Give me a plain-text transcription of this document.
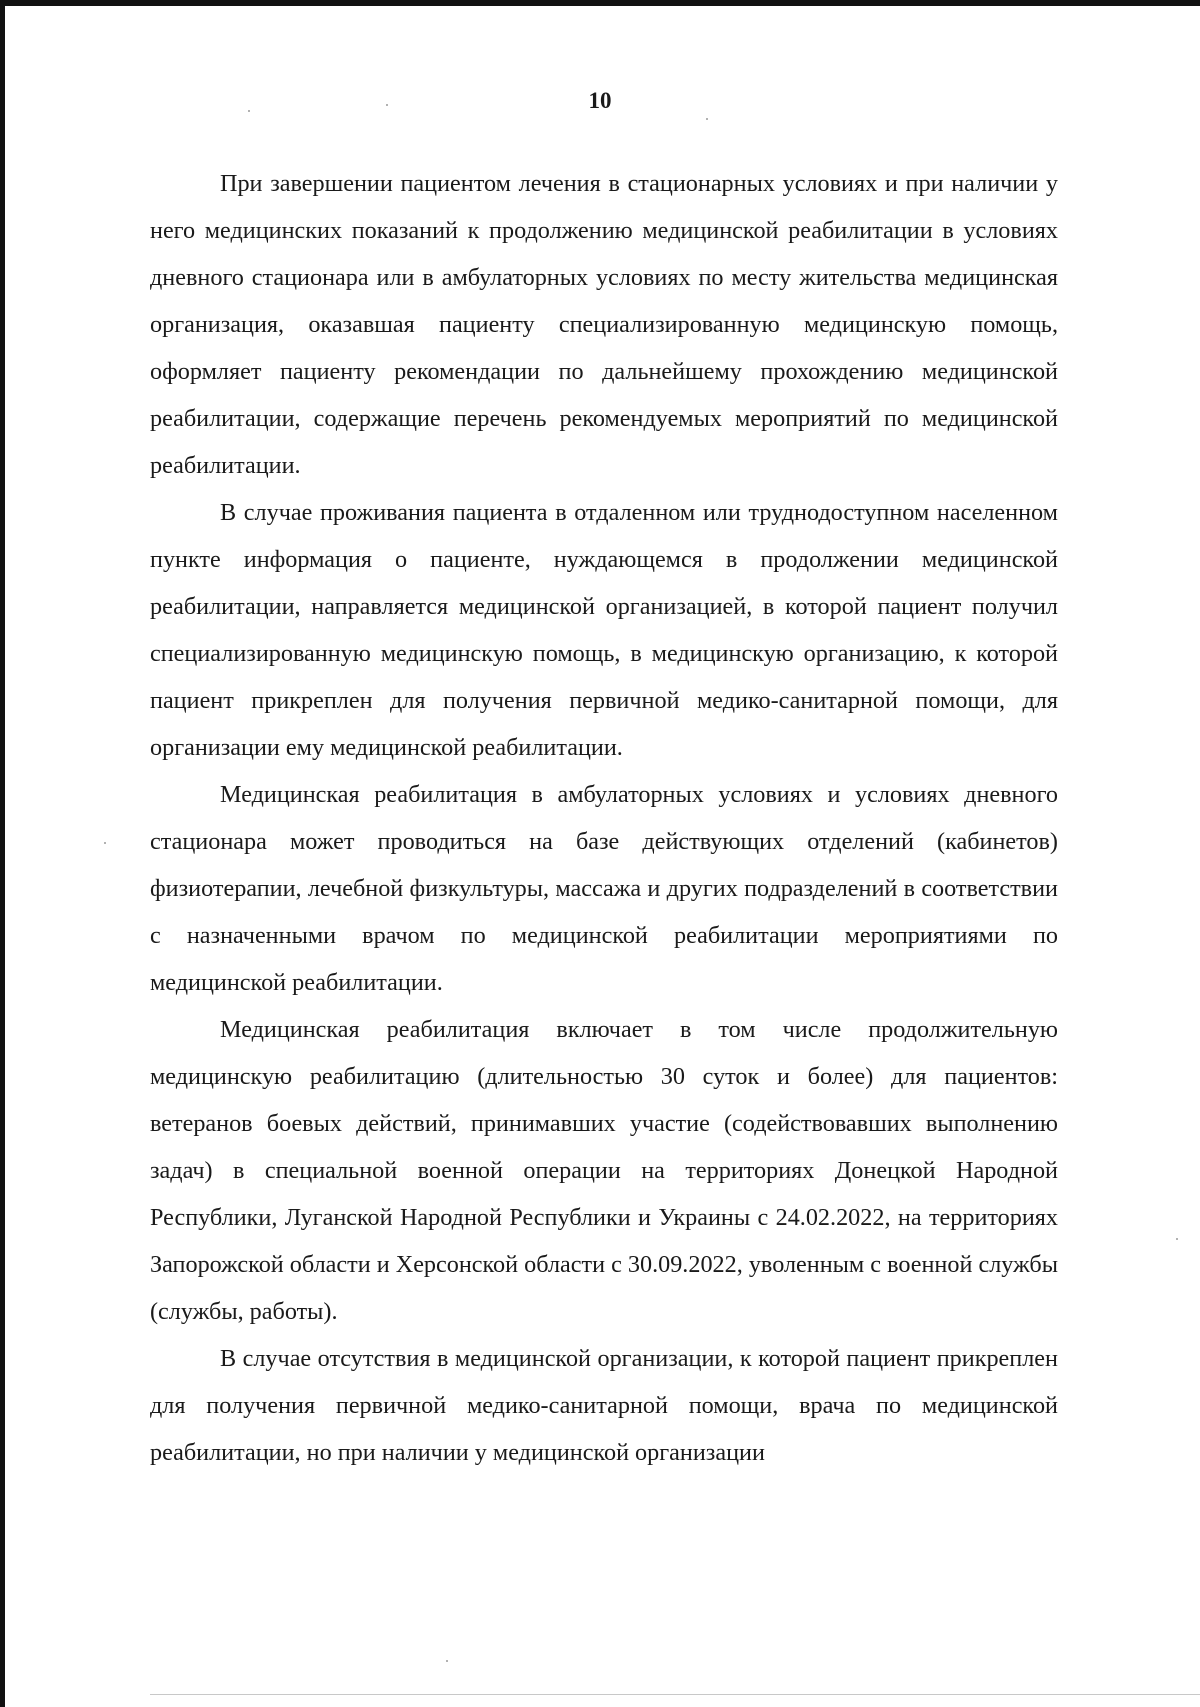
10

При завершении пациентом лечения в стационарных условиях и при наличии у него медицинских показаний к продолжению медицинской реабилитации в условиях дневного стационара или в амбулаторных условиях по месту жительства медицинская организация, оказавшая пациенту специализированную медицинскую помощь, оформляет пациенту рекомендации по дальнейшему прохождению медицинской реабилитации, содержащие перечень рекомендуемых мероприятий по медицинской реабилитации.

В случае проживания пациента в отдаленном или труднодоступном населенном пункте информация о пациенте, нуждающемся в продолжении медицинской реабилитации, направляется медицинской организацией, в которой пациент получил специализированную медицинскую помощь, в медицинскую организацию, к которой пациент прикреплен для получения первичной медико-санитарной помощи, для организации ему медицинской реабилитации.

Медицинская реабилитация в амбулаторных условиях и условиях дневного стационара может проводиться на базе действующих отделений (кабинетов) физиотерапии, лечебной физкультуры, массажа и других подразделений в соответствии с назначенными врачом по медицинской реабилитации мероприятиями по медицинской реабилитации.

Медицинская реабилитация включает в том числе продолжительную медицинскую реабилитацию (длительностью 30 суток и более) для пациентов: ветеранов боевых действий, принимавших участие (содействовавших выполнению задач) в специальной военной операции на территориях Донецкой Народной Республики, Луганской Народной Республики и Украины с 24.02.2022, на территориях Запорожской области и Херсонской области с 30.09.2022, уволенным с военной службы (службы, работы).

В случае отсутствия в медицинской организации, к которой пациент прикреплен для получения первичной медико-санитарной помощи, врача по медицинской реабилитации, но при наличии у медицинской организации
